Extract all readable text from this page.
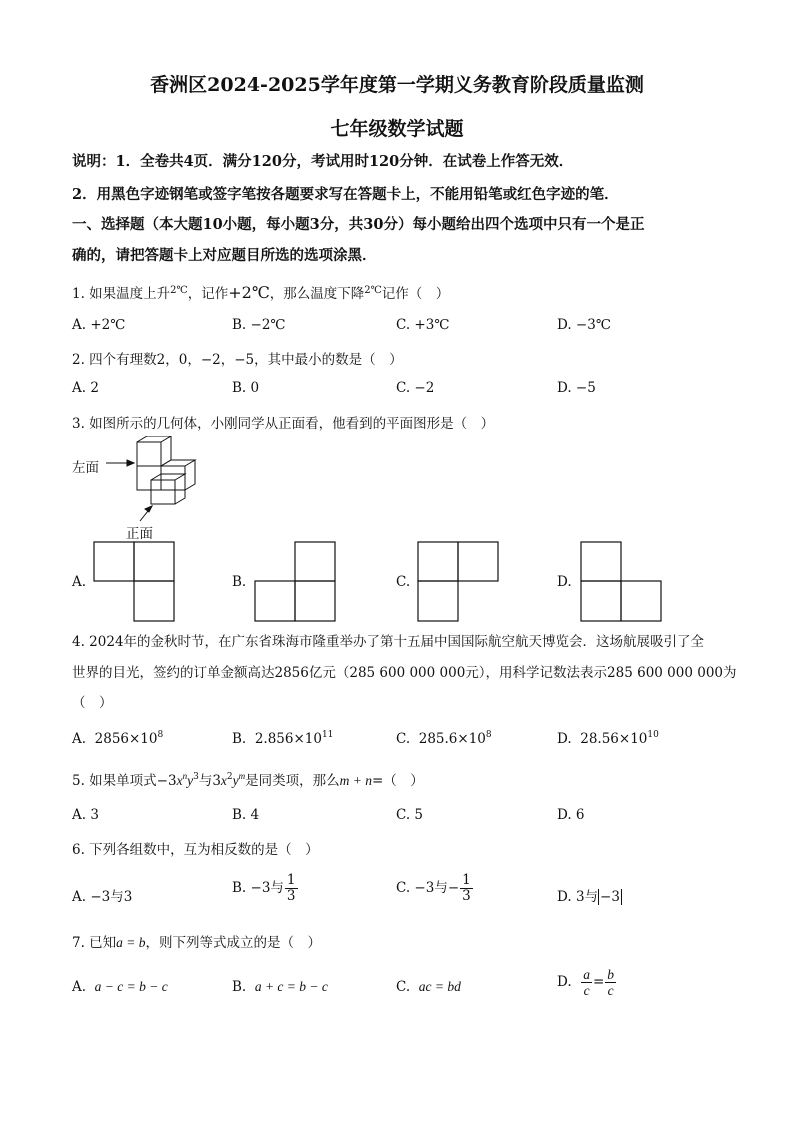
香洲区2024-2025学年度第一学期义务教育阶段质量监测
七年级数学试题
说明：1．全卷共4页．满分120分，考试用时120分钟．在试卷上作答无效．
2．用黑色字迹钢笔或签字笔按各题要求写在答题卡上，不能用铅笔或红色字迹的笔．
一、选择题（本大题10小题，每小题3分，共30分）每小题给出四个选项中只有一个是正
确的，请把答题卡上对应题目所选的选项涂黑．
1. 如果温度上升$^{2℃}$，记作+2℃，那么温度下降$^{2℃}$记作（　）
A. +2℃	B. −2℃	C. +3℃	D. −3℃
2. 四个有理数2，0，−2，−5，其中最小的数是（　）
A. 2	B. 0	C. −2	D. −5
3. 如图所示的几何体，小刚同学从正面看，他看到的平面图形是（　）
左面
正面
A.	B.	C.	D.
4. 2024年的金秋时节，在广东省珠海市隆重举办了第十五届中国国际航空航天博览会．这场航展吸引了全
世界的目光，签约的订单金额高达2856亿元（285 600 000 000元），用科学记数法表示285 600 000 000为
（　）
A. $2856\times 10^8$	B. $2.856\times 10^{11}$	C. $285.6\times 10^8$	D. $28.56\times 10^{10}$
5. 如果单项式$-3x^ny^3$与$3x^2y^m$是同类项，那么m + n=（　）
A. 3	B. 4	C. 5	D. 6
6. 下列各组数中，互为相反数的是（　）
A. −3与3
B. −3与 $\frac{1}{3}$	C. −3与− $\frac{1}{3}$	D. 3与 −3
7. 已知a = b，则下列等式成立的是（　）
A. a − c = b − c	B. a + c = b − c	C. ac = bd	D. $\frac{a}{c} = \frac{b}{c}$
